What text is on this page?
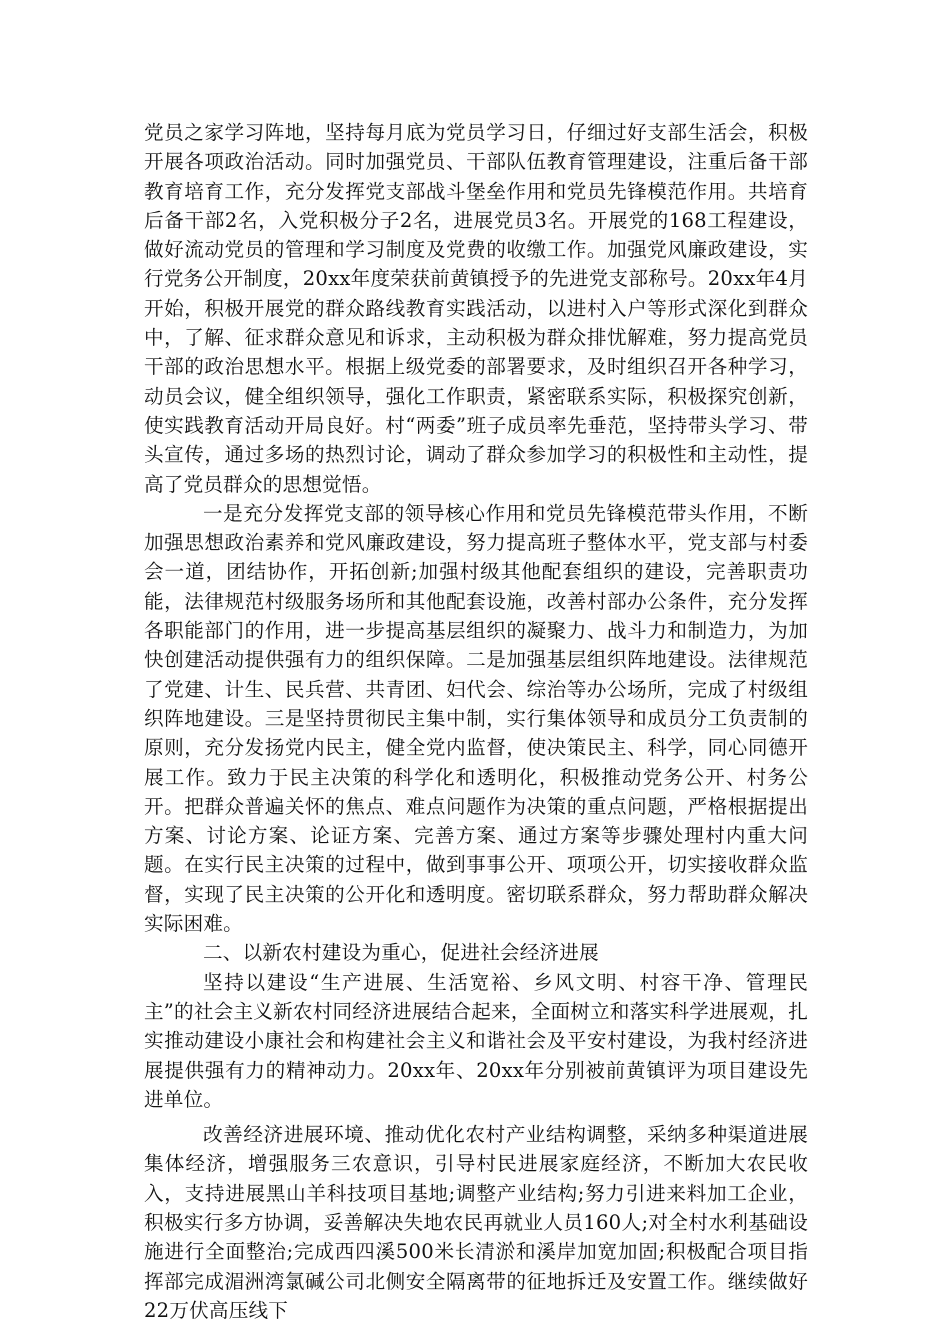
党员之家学习阵地，坚持每月底为党员学习日，仔细过好支部生活会，积极开展各项政治活动。同时加强党员、干部队伍教育管理建设，注重后备干部教育培育工作，充分发挥党支部战斗堡垒作用和党员先锋模范作用。共培育后备干部2名，入党积极分子2名，进展党员3名。开展党的168工程建设，做好流动党员的管理和学习制度及党费的收缴工作。加强党风廉政建设，实行党务公开制度，20xx年度荣获前黄镇授予的先进党支部称号。20xx年4月开始，积极开展党的群众路线教育实践活动，以进村入户等形式深化到群众中，了解、征求群众意见和诉求，主动积极为群众排忧解难，努力提高党员干部的政治思想水平。根据上级党委的部署要求，及时组织召开各种学习，动员会议，健全组织领导，强化工作职责，紧密联系实际，积极探究创新，使实践教育活动开局良好。村“两委”班子成员率先垂范，坚持带头学习、带头宣传，通过多场的热烈讨论，调动了群众参加学习的积极性和主动性，提高了党员群众的思想觉悟。

一是充分发挥党支部的领导核心作用和党员先锋模范带头作用，不断加强思想政治素养和党风廉政建设，努力提高班子整体水平，党支部与村委会一道，团结协作，开拓创新;加强村级其他配套组织的建设，完善职责功能，法律规范村级服务场所和其他配套设施，改善村部办公条件，充分发挥各职能部门的作用，进一步提高基层组织的凝聚力、战斗力和制造力，为加快创建活动提供强有力的组织保障。二是加强基层组织阵地建设。法律规范了党建、计生、民兵营、共青团、妇代会、综治等办公场所，完成了村级组织阵地建设。三是坚持贯彻民主集中制，实行集体领导和成员分工负责制的原则，充分发扬党内民主，健全党内监督，使决策民主、科学，同心同德开展工作。致力于民主决策的科学化和透明化，积极推动党务公开、村务公开。把群众普遍关怀的焦点、难点问题作为决策的重点问题，严格根据提出方案、讨论方案、论证方案、完善方案、通过方案等步骤处理村内重大问题。在实行民主决策的过程中，做到事事公开、项项公开，切实接收群众监督，实现了民主决策的公开化和透明度。密切联系群众，努力帮助群众解决实际困难。

二、以新农村建设为重心，促进社会经济进展

坚持以建设“生产进展、生活宽裕、乡风文明、村容干净、管理民主”的社会主义新农村同经济进展结合起来，全面树立和落实科学进展观，扎实推动建设小康社会和构建社会主义和谐社会及平安村建设，为我村经济进展提供强有力的精神动力。20xx年、20xx年分别被前黄镇评为项目建设先进单位。

改善经济进展环境、推动优化农村产业结构调整，采纳多种渠道进展集体经济，增强服务三农意识，引导村民进展家庭经济，不断加大农民收入，支持进展黑山羊科技项目基地;调整产业结构;努力引进来料加工企业，积极实行多方协调，妥善解决失地农民再就业人员160人;对全村水利基础设施进行全面整治;完成西四溪500米长清淤和溪岸加宽加固;积极配合项目指挥部完成湄洲湾氯碱公司北侧安全隔离带的征地拆迁及安置工作。继续做好22万伏高压线下
